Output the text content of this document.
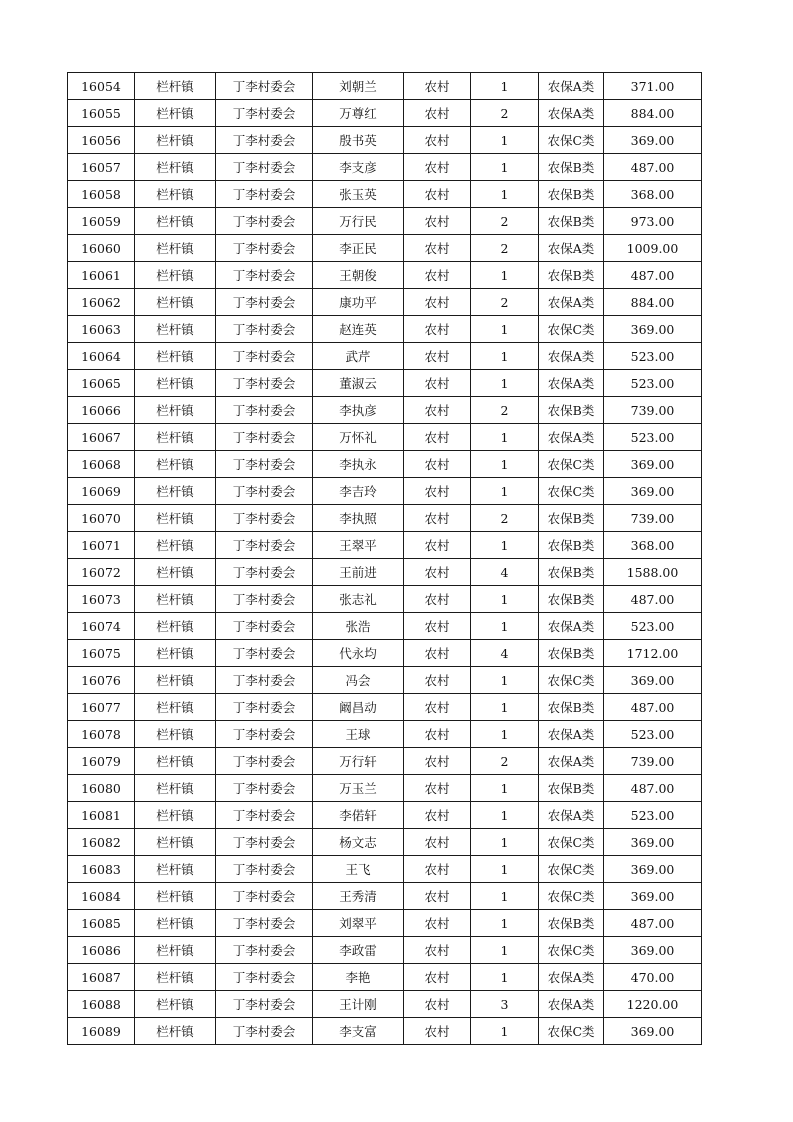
16054	栏杆镇	丁李村委会	刘朝兰	农村	1	农保A类	371.00
16055	栏杆镇	丁李村委会	万尊红	农村	2	农保A类	884.00
16056	栏杆镇	丁李村委会	殷书英	农村	1	农保C类	369.00
16057	栏杆镇	丁李村委会	李支彦	农村	1	农保B类	487.00
16058	栏杆镇	丁李村委会	张玉英	农村	1	农保B类	368.00
16059	栏杆镇	丁李村委会	万行民	农村	2	农保B类	973.00
16060	栏杆镇	丁李村委会	李正民	农村	2	农保A类	1009.00
16061	栏杆镇	丁李村委会	王朝俊	农村	1	农保B类	487.00
16062	栏杆镇	丁李村委会	康功平	农村	2	农保A类	884.00
16063	栏杆镇	丁李村委会	赵连英	农村	1	农保C类	369.00
16064	栏杆镇	丁李村委会	武芹	农村	1	农保A类	523.00
16065	栏杆镇	丁李村委会	董淑云	农村	1	农保A类	523.00
16066	栏杆镇	丁李村委会	李执彦	农村	2	农保B类	739.00
16067	栏杆镇	丁李村委会	万怀礼	农村	1	农保A类	523.00
16068	栏杆镇	丁李村委会	李执永	农村	1	农保C类	369.00
16069	栏杆镇	丁李村委会	李吉玲	农村	1	农保C类	369.00
16070	栏杆镇	丁李村委会	李执照	农村	2	农保B类	739.00
16071	栏杆镇	丁李村委会	王翠平	农村	1	农保B类	368.00
16072	栏杆镇	丁李村委会	王前进	农村	4	农保B类	1588.00
16073	栏杆镇	丁李村委会	张志礼	农村	1	农保B类	487.00
16074	栏杆镇	丁李村委会	张浩	农村	1	农保A类	523.00
16075	栏杆镇	丁李村委会	代永均	农村	4	农保B类	1712.00
16076	栏杆镇	丁李村委会	冯会	农村	1	农保C类	369.00
16077	栏杆镇	丁李村委会	阚昌动	农村	1	农保B类	487.00
16078	栏杆镇	丁李村委会	王球	农村	1	农保A类	523.00
16079	栏杆镇	丁李村委会	万行轩	农村	2	农保A类	739.00
16080	栏杆镇	丁李村委会	万玉兰	农村	1	农保B类	487.00
16081	栏杆镇	丁李村委会	李偌轩	农村	1	农保A类	523.00
16082	栏杆镇	丁李村委会	杨文志	农村	1	农保C类	369.00
16083	栏杆镇	丁李村委会	王飞	农村	1	农保C类	369.00
16084	栏杆镇	丁李村委会	王秀清	农村	1	农保C类	369.00
16085	栏杆镇	丁李村委会	刘翠平	农村	1	农保B类	487.00
16086	栏杆镇	丁李村委会	李政雷	农村	1	农保C类	369.00
16087	栏杆镇	丁李村委会	李艳	农村	1	农保A类	470.00
16088	栏杆镇	丁李村委会	王计刚	农村	3	农保A类	1220.00
16089	栏杆镇	丁李村委会	李支富	农村	1	农保C类	369.00
